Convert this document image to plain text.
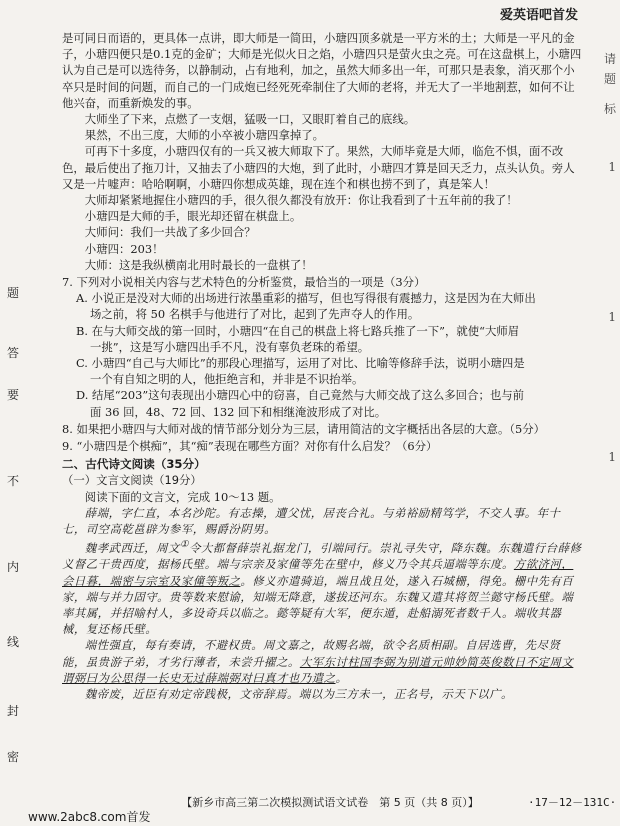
爱英语吧首发
密
封
线
内
不
要
答
题
请
题
标
1
1
1

是可同日而语的，更具体一点讲，即大师是一简田，小瑭四顶多就是一平方米的土；大师是一平凡的金子，小瑭四便只是0.1克的金矿；大师是光似火日之焰，小瑭四只是萤火虫之亮。可在这盘棋上，小瑭四认为自己是可以选待务，以静制动，占有地利，加之，虽然大师多出一年，可那只是表象，消灭那个小卒只是时间的问题，而自己的一门成炮已经死死牵制住了大师的老将，并无大了一半地割惹，如何不让他兴奋，而重新焕发的事。

大师坐了下来，点燃了一支烟，猛吸一口，又眼盯着自己的底线。

果然，不出三度，大师的小卒被小瑭四拿掉了。

可再下十多度，小瑭四仅有的一兵又被大师取下了。果然，大师毕竟是大师，临危不惧，面不改色，最后使出了拖刀计，又抽去了小瑭四的大炮，到了此时，小瑭四才算是回天乏力，点头认负。旁人又是一片嘘声：哈哈啊啊，小瑭四你想成英雄，现在连个和棋也捞不到了，真是笨人！

大师却紧紧地握住小瑭四的手，很久很久都没有放开：你让我看到了十五年前的我了！

小瑭四是大师的手，眼光却还留在棋盘上。

大师问：我们一共战了多少回合？

小瑭四：203！

大师：这是我纵横南北用时最长的一盘棋了！

7. 下列对小说相关内容与艺术特色的分析鉴赏，最恰当的一项是（3分）

A. 小说正是没对大师的出场进行浓墨重彩的描写，但也写得很有震撼力，这是因为在大师出

场之前，将 50 名棋手与他进行了对比，起到了先声夺人的作用。

B. 在与大师交战的第一回时，小瑭四“在自己的棋盘上将七路兵推了一下”，就使“大师眉

一挑”，这是写小瑭四出手不凡，没有辜负老珠的希望。

C. 小瑭四“自己与大师比”的那段心理描写，运用了对比、比喻等修辞手法，说明小瑭四是

一个有自知之明的人，他拒绝言和，并非是不识抬举。

D. 结尾“203”这句表现出小瑭四心中的窃喜，自己竟然与大师交战了这么多回合；也与前

面 36 回，48、72 回、132 回下和相继淹波形成了对比。

8. 如果把小瑭四与大师对战的情节部分划分为三层，请用简洁的文字概括出各层的大意。（5分）

9. “小瑭四是个棋痴”，其“痴”表现在哪些方面？对你有什么启发？（6分）

二、古代诗文阅读（35分）

（一）文言文阅读（19分）

阅读下面的文言文，完成 10～13 题。

薛端，字仁直，本名沙陀。有志操，遭父忧，居丧合礼。与弟裕励精笃学，不交人事。年十七，司空高乾邕辟为参军，赐爵汾阴男。

魏孝武西迁，周文①令大都督薛崇礼据龙门，引端同行。崇礼寻失守，降东魏。东魏遣行台薛修义督乙干贵西度，据杨氏壁。端与宗亲及家僮等先在壁中，修义乃令其兵逼端等东度。方欲济河，会日暮，端密与宗室及家僮等叛之。修义亦遣骑追，端且战且处，遂入石城栅，得免。栅中先有百家，端与并力固守。贵等数来慰谕，知端无降意，遂拔还河东。东魏又遣其将贺兰懿守杨氏壁。端率其属，并招喻村人，多设奇兵以临之。懿等疑有大军，便东遁，赴船溺死者数千人。端收其器械，复还杨氏壁。

端性强直，每有奏请，不避权贵。周文嘉之，故赐名端，欲令名质相副。自居选曹，先尽贤能，虽贵游子弟，才劣行薄者，未尝升擢之。大军东讨柱国李弼为别道元帅妙简英俊数日不定周文谓弼曰为公思得一长史无过薛端弼对曰真才也乃遣之。

魏帝废，近臣有劝定帝践极，文帝辞焉。端以为三方未一，正名号，示天下以广。

【新乡市高三第二次模拟测试语文试卷　第 5 页（共 8 页）】	·17－12－131C·
www.2abc8.com首发
